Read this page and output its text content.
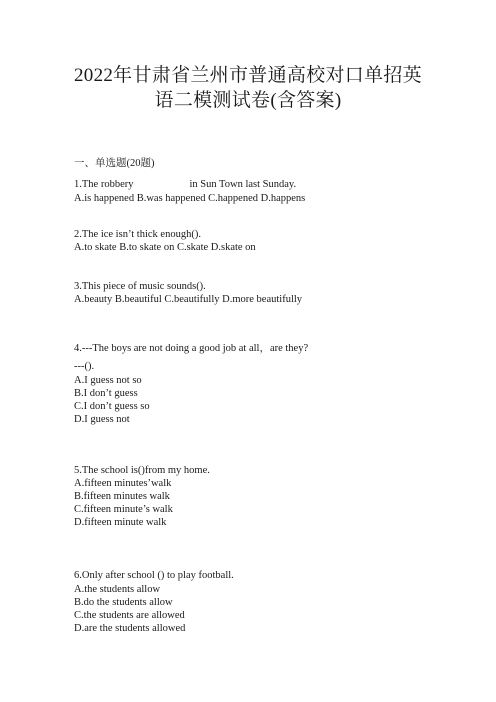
2022年甘肃省兰州市普通高校对口单招英
语二模测试卷(含答案)
一、单选题(20题)
1.The robbery	in Sun Town last Sunday.
A.is happened B.was happened C.happened D.happens
2.The ice isn’t thick enough().
A.to skate B.to skate on C.skate D.skate on
3.This piece of music sounds().
A.beauty B.beautiful C.beautifully D.more beautifully
4.---The boys are not doing a good job at all，are they?
---().
A.I guess not so
B.I don’t guess
C.I don’t guess so
D.I guess not
5.The school is()from my home.
A.fifteen minutes’walk
B.fifteen minutes walk
C.fifteen minute’s walk
D.fifteen minute walk
6.Only after school () to play football.
A.the students allow
B.do the students allow
C.the students are allowed
D.are the students allowed
